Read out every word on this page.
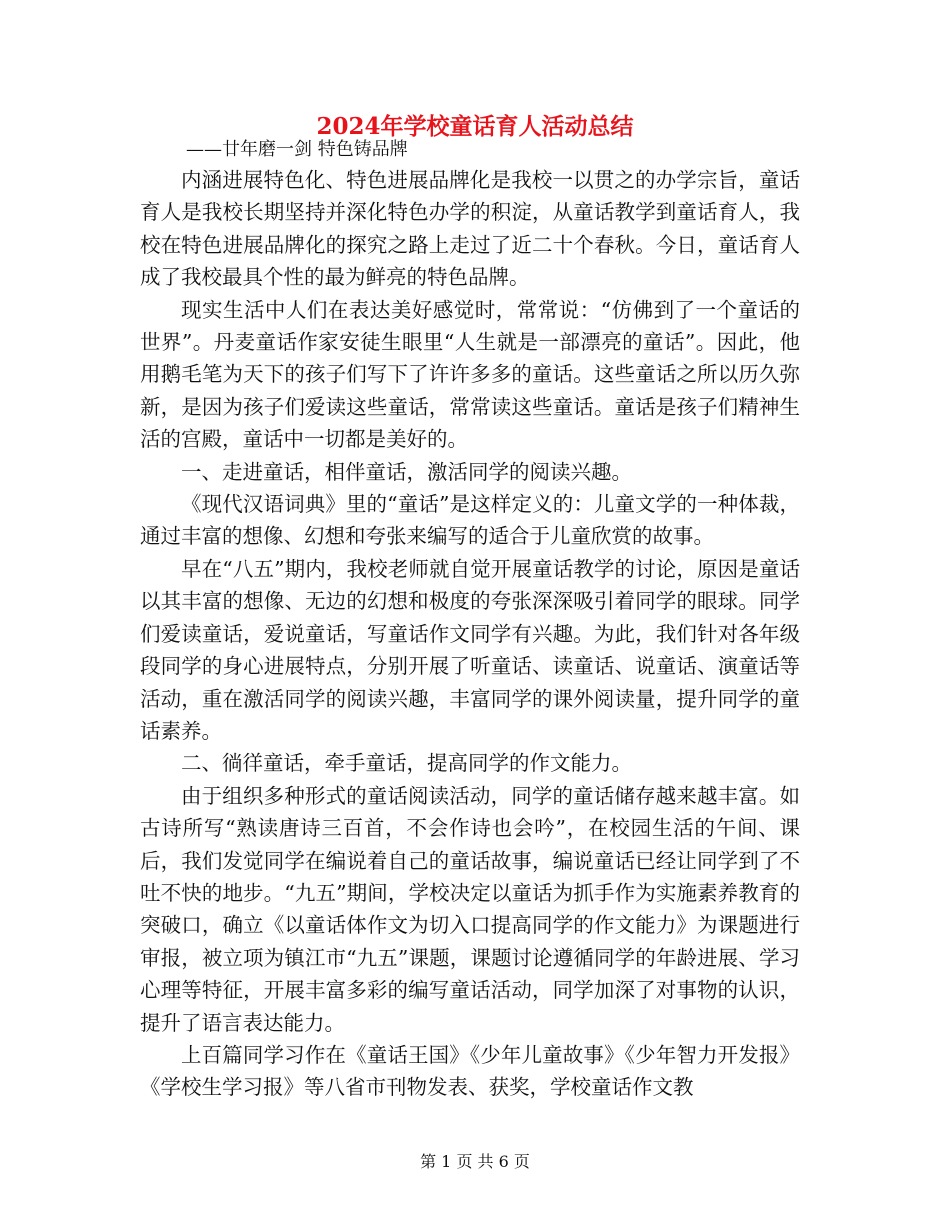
2024年学校童话育人活动总结
——廿年磨一剑 特色铸品牌

内涵进展特色化、特色进展品牌化是我校一以贯之的办学宗旨，童话育人是我校长期坚持并深化特色办学的积淀，从童话教学到童话育人，我校在特色进展品牌化的探究之路上走过了近二十个春秋。今日，童话育人成了我校最具个性的最为鲜亮的特色品牌。

现实生活中人们在表达美好感觉时，常常说：“仿佛到了一个童话的世界”。丹麦童话作家安徒生眼里“人生就是一部漂亮的童话”。因此，他用鹅毛笔为天下的孩子们写下了许许多多的童话。这些童话之所以历久弥新，是因为孩子们爱读这些童话，常常读这些童话。童话是孩子们精神生活的宫殿，童话中一切都是美好的。

一、走进童话，相伴童话，激活同学的阅读兴趣。

《现代汉语词典》里的“童话”是这样定义的：儿童文学的一种体裁，通过丰富的想像、幻想和夸张来编写的适合于儿童欣赏的故事。

早在“八五”期内，我校老师就自觉开展童话教学的讨论，原因是童话以其丰富的想像、无边的幻想和极度的夸张深深吸引着同学的眼球。同学们爱读童话，爱说童话，写童话作文同学有兴趣。为此，我们针对各年级段同学的身心进展特点，分别开展了听童话、读童话、说童话、演童话等活动，重在激活同学的阅读兴趣，丰富同学的课外阅读量，提升同学的童话素养。

二、徜徉童话，牵手童话，提高同学的作文能力。

由于组织多种形式的童话阅读活动，同学的童话储存越来越丰富。如古诗所写“熟读唐诗三百首，不会作诗也会吟”，在校园生活的午间、课后，我们发觉同学在编说着自己的童话故事，编说童话已经让同学到了不吐不快的地步。“九五”期间，学校决定以童话为抓手作为实施素养教育的突破口，确立《以童话体作文为切入口提高同学的作文能力》为课题进行审报，被立项为镇江市“九五”课题，课题讨论遵循同学的年龄进展、学习心理等特征，开展丰富多彩的编写童话活动，同学加深了对事物的认识，提升了语言表达能力。

上百篇同学习作在《童话王国》《少年儿童故事》《少年智力开发报》《学校生学习报》等八省市刊物发表、获奖，学校童话作文教

第 1 页 共 6 页
